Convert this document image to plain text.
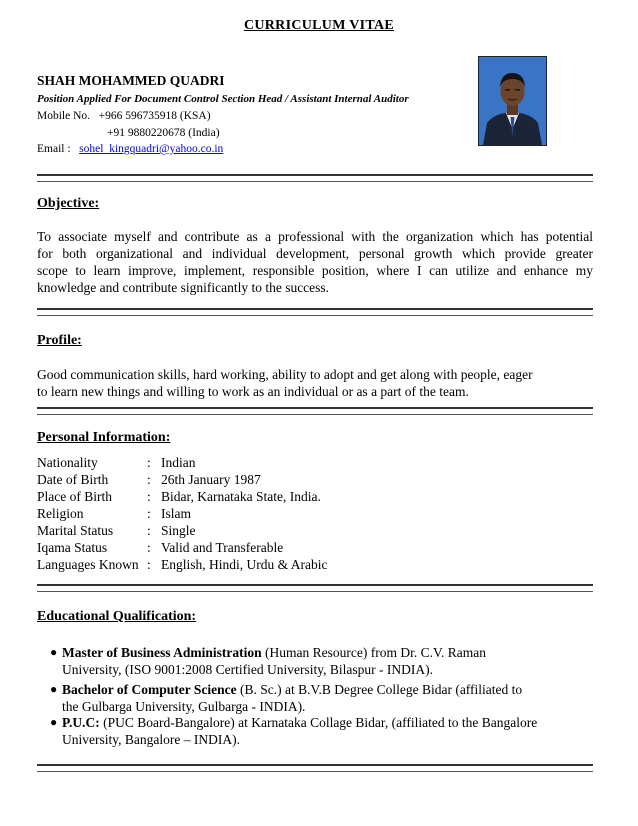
CURRICULUM VITAE
SHAH MOHAMMED QUADRI
Position Applied For Document Control Section Head / Assistant Internal Auditor
Mobile No. +966 596735918 (KSA)
+91 9880220678 (India)
Email : sohel_kingquadri@yahoo.co.in
Objective:
To associate myself and contribute as a professional with the organization which has potential
for both organizational and individual development, personal growth which provide greater
scope to learn improve, implement, responsible position, where I can utilize and enhance my
knowledge and contribute significantly to the success.
Profile:
Good communication skills, hard working, ability to adopt and get along with people, eager
to learn new things and willing to work as an individual or as a part of the team.
Personal Information:
Nationality	: Indian
Date of Birth	: 26th January 1987
Place of Birth	: Bidar, Karnataka State, India.
Religion	: Islam
Marital Status	: Single
Iqama Status	: Valid and Transferable
Languages Known : English, Hindi, Urdu & Arabic
Educational Qualification:
● Master of Business Administration (Human Resource) from Dr. C.V. Raman
University, (ISO 9001:2008 Certified University, Bilaspur - INDIA).
● Bachelor of Computer Science (B. Sc.) at B.V.B Degree College Bidar (affiliated to
the Gulbarga University, Gulbarga - INDIA).
● P.U.C: (PUC Board-Bangalore) at Karnataka Collage Bidar, (affiliated to the Bangalore
University, Bangalore – INDIA).
